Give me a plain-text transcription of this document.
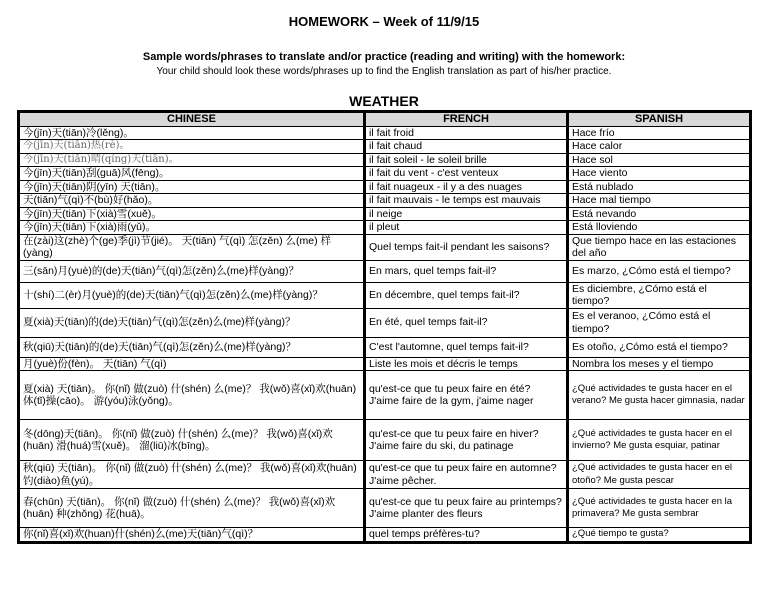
HOMEWORK – Week of 11/9/15
Sample words/phrases to translate and/or practice (reading and writing) with the homework:
Your child should look these words/phrases up to find the English translation as part of his/her practice.
WEATHER
CHINESE	FRENCH	SPANISH
今(jīn)天(tiān)冷(lěng)。	il fait froid	Hace frío
今(jīn)天(tiān)热(rè)。	il fait chaud	Hace calor
今(jīn)天(tiān)晴(qíng)天(tiān)。	il fait soleil - le soleil brille	Hace sol
今(jīn)天(tiān)刮(guā)风(fēng)。	il fait du vent - c'est venteux	Hace viento
今(jīn)天(tiān)阴(yīn) 天(tiān)。	il fait nuageux - il y a des nuages	Está nublado
天(tiān)气(qì)不(bù)好(hǎo)。	il fait mauvais - le temps est mauvais	Hace mal tiempo
今(jīn)天(tiān)下(xià)雪(xuě)。	il neige	Está nevando
今(jīn)天(tiān)下(xià)雨(yǔ)。	il pleut	Está lloviendo
在(zài)这(zhè)个(ge)季(jì)节(jié)。 天(tiān) 气(qì) 怎(zěn) 么(me) 样(yàng)	Quel temps fait-il pendant les saisons?	Que tiempo hace en las estaciones del año
三(sān)月(yuè)的(de)天(tiān)气(qì)怎(zěn)么(me)样(yàng)？	En mars, quel temps fait-il?	Es marzo, ¿Cómo está el tiempo?
十(shí)二(èr)月(yuè)的(de)天(tiān)气(qì)怎(zěn)么(me)样(yàng)？	En décembre, quel temps fait-il?	Es diciembre, ¿Cómo está el tiempo?
夏(xià)天(tiān)的(de)天(tiān)气(qì)怎(zěn)么(me)样(yàng)？	En été, quel temps fait-il?	Es el veranoo, ¿Cómo está el tiempo?
秋(qiū)天(tiān)的(de)天(tiān)气(qì)怎(zěn)么(me)样(yàng)？	C'est l'automne, quel temps fait-il?	Es otoño, ¿Cómo está el tiempo?
月(yuè)份(fèn)。 天(tiān) 气(qì)	Liste les mois et décris le temps	Nombra los meses y el tiempo
夏(xià) 天(tiān)。 你(nǐ) 做(zuò) 什(shén) 么(me)？ 我(wǒ)喜(xǐ)欢(huān) 体(tǐ)操(cāo)。 游(yóu)泳(yǒng)。	qu'est-ce que tu peux faire en été? J'aime faire de la gym, j'aime nager	¿Qué actividades te gusta hacer en el verano? Me gusta hacer gimnasia, nadar
冬(dōng)天(tiān)。 你(nǐ) 做(zuò) 什(shén) 么(me)？ 我(wǒ)喜(xǐ)欢(huān) 滑(huá)雪(xuě)。 溜(liū)冰(bīng)。	qu'est-ce que tu peux faire en hiver? J'aime faire du ski, du patinage	¿Qué actividades te gusta hacer en el invierno? Me gusta esquiar, patinar
秋(qiū) 天(tiān)。 你(nǐ) 做(zuò) 什(shén) 么(me)？ 我(wǒ)喜(xǐ)欢(huān) 钓(diào)鱼(yú)。	qu'est-ce que tu peux faire en automne? J'aime pêcher.	¿Qué actividades te gusta hacer en el otoño? Me gusta pescar
春(chūn) 天(tiān)。 你(nǐ) 做(zuò) 什(shén) 么(me)？ 我(wǒ)喜(xǐ)欢(huān) 种(zhǒng) 花(huā)。	qu'est-ce que tu peux faire au printemps? J'aime planter des fleurs	¿Qué actividades te gusta hacer en la primavera? Me gusta sembrar
你(nǐ)喜(xǐ)欢(huan)什(shén)么(me)天(tiān)气(qì)？	quel temps préfères-tu?	¿Qué tiempo te gusta?
